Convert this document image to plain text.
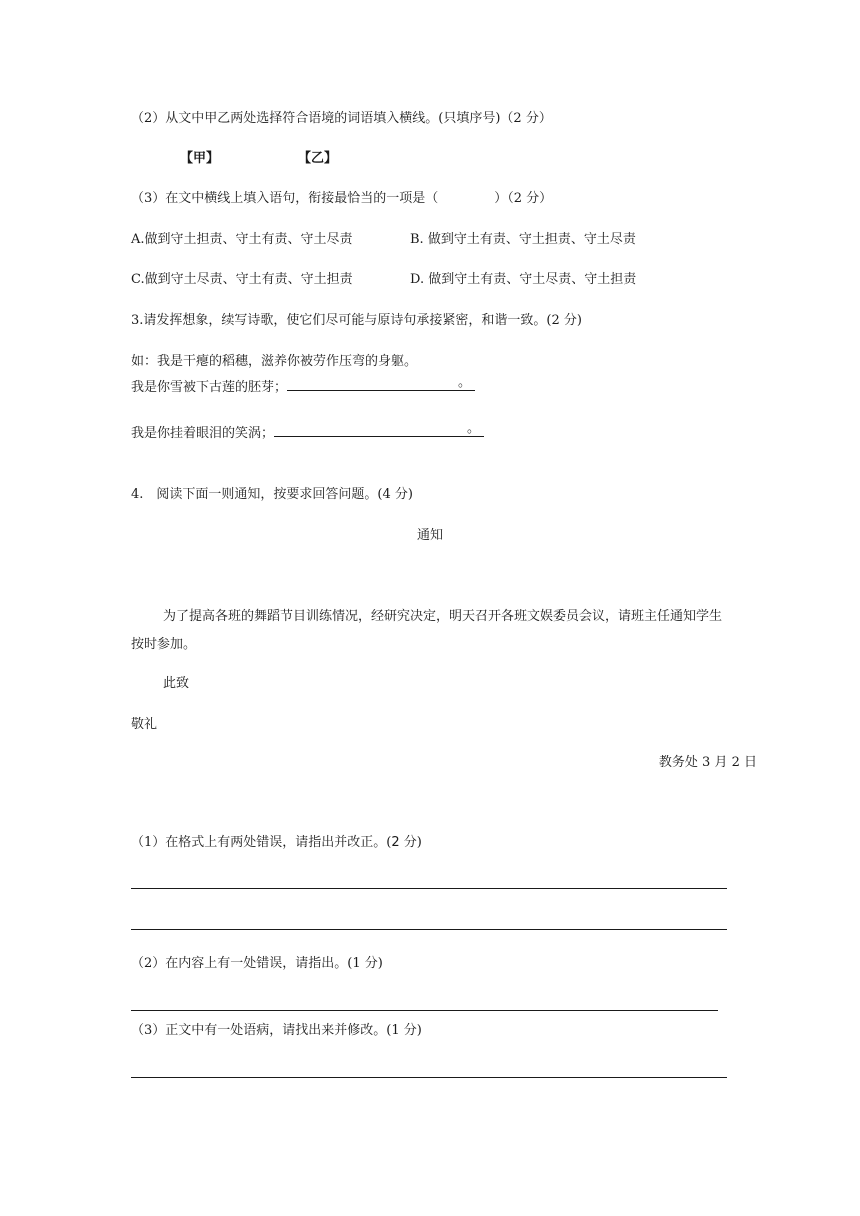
（2）从文中甲乙两处选择符合语境的词语填入横线。(只填序号)（2 分）
【甲】	【乙】
（3）在文中横线上填入语句，衔接最恰当的一项是（	）（2 分）
A.做到守土担责、守土有责、守土尽责	B. 做到守土有责、守土担责、守土尽责
C.做到守土尽责、守土有责、守土担责	D. 做到守土有责、守土尽责、守土担责
3.请发挥想象，续写诗歌，使它们尽可能与原诗句承接紧密，和谐一致。(2 分)
如：我是干瘪的稻穗，滋养你被劳作压弯的身躯。
我是你雪被下古莲的胚芽；	。
我是你挂着眼泪的笑涡；	。
4.　阅读下面一则通知，按要求回答问题。(4 分)
通知
为了提高各班的舞蹈节目训练情况，经研究决定，明天召开各班文娱委员会议，请班主任通知学生按时参加。
此致
敬礼
教务处 3 月 2 日
（1）在格式上有两处错误，请指出并改正。(2 分)
（2）在内容上有一处错误，请指出。(1 分)
（3）正文中有一处语病，请找出来并修改。(1 分)
